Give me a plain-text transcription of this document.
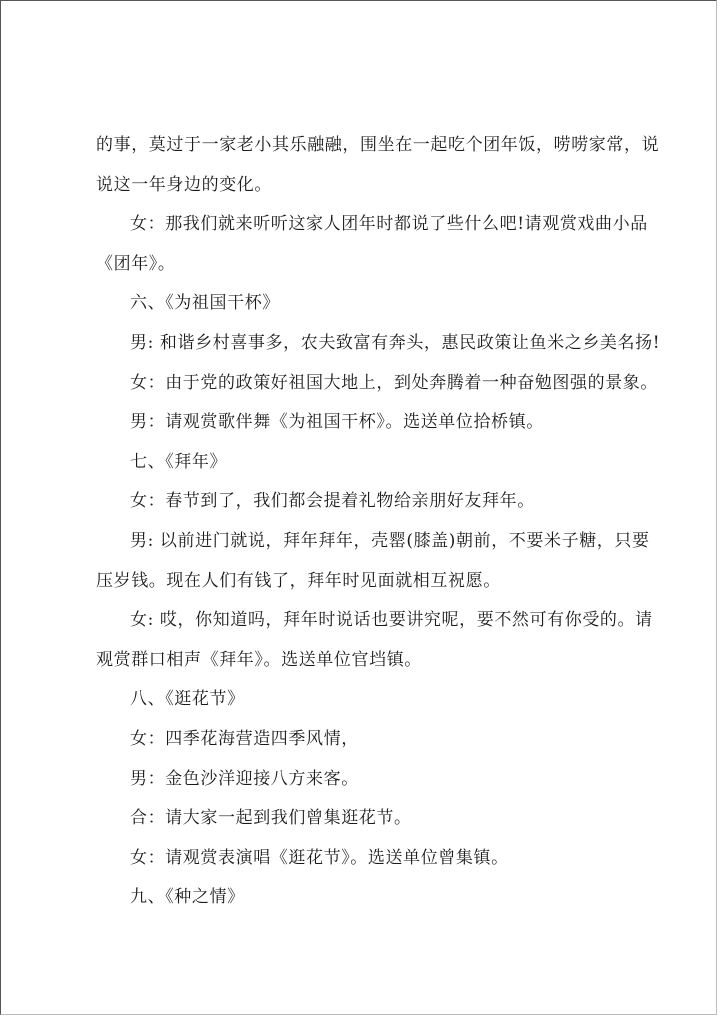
的事，莫过于一家老小其乐融融，围坐在一起吃个团年饭，唠唠家常，说
说这一年身边的变化。
女：那我们就来听听这家人团年时都说了些什么吧!请观赏戏曲小品
《团年》。
六、《为祖国干杯》
男: 和谐乡村喜事多，农夫致富有奔头，惠民政策让鱼米之乡美名扬!
女：由于党的政策好祖国大地上，到处奔腾着一种奋勉图强的景象。
男：请观赏歌伴舞《为祖国干杯》。选送单位拾桥镇。
七、《拜年》
女：春节到了，我们都会提着礼物给亲朋好友拜年。
男: 以前进门就说，拜年拜年，壳罂(膝盖)朝前，不要米子糖，只要
压岁钱。现在人们有钱了，拜年时见面就相互祝愿。
女: 哎，你知道吗，拜年时说话也要讲究呢，要不然可有你受的。请
观赏群口相声《拜年》。选送单位官垱镇。
八、《逛花节》
女：四季花海营造四季风情，
男：金色沙洋迎接八方来客。
合：请大家一起到我们曾集逛花节。
女：请观赏表演唱《逛花节》。选送单位曾集镇。
九、《种之情》
